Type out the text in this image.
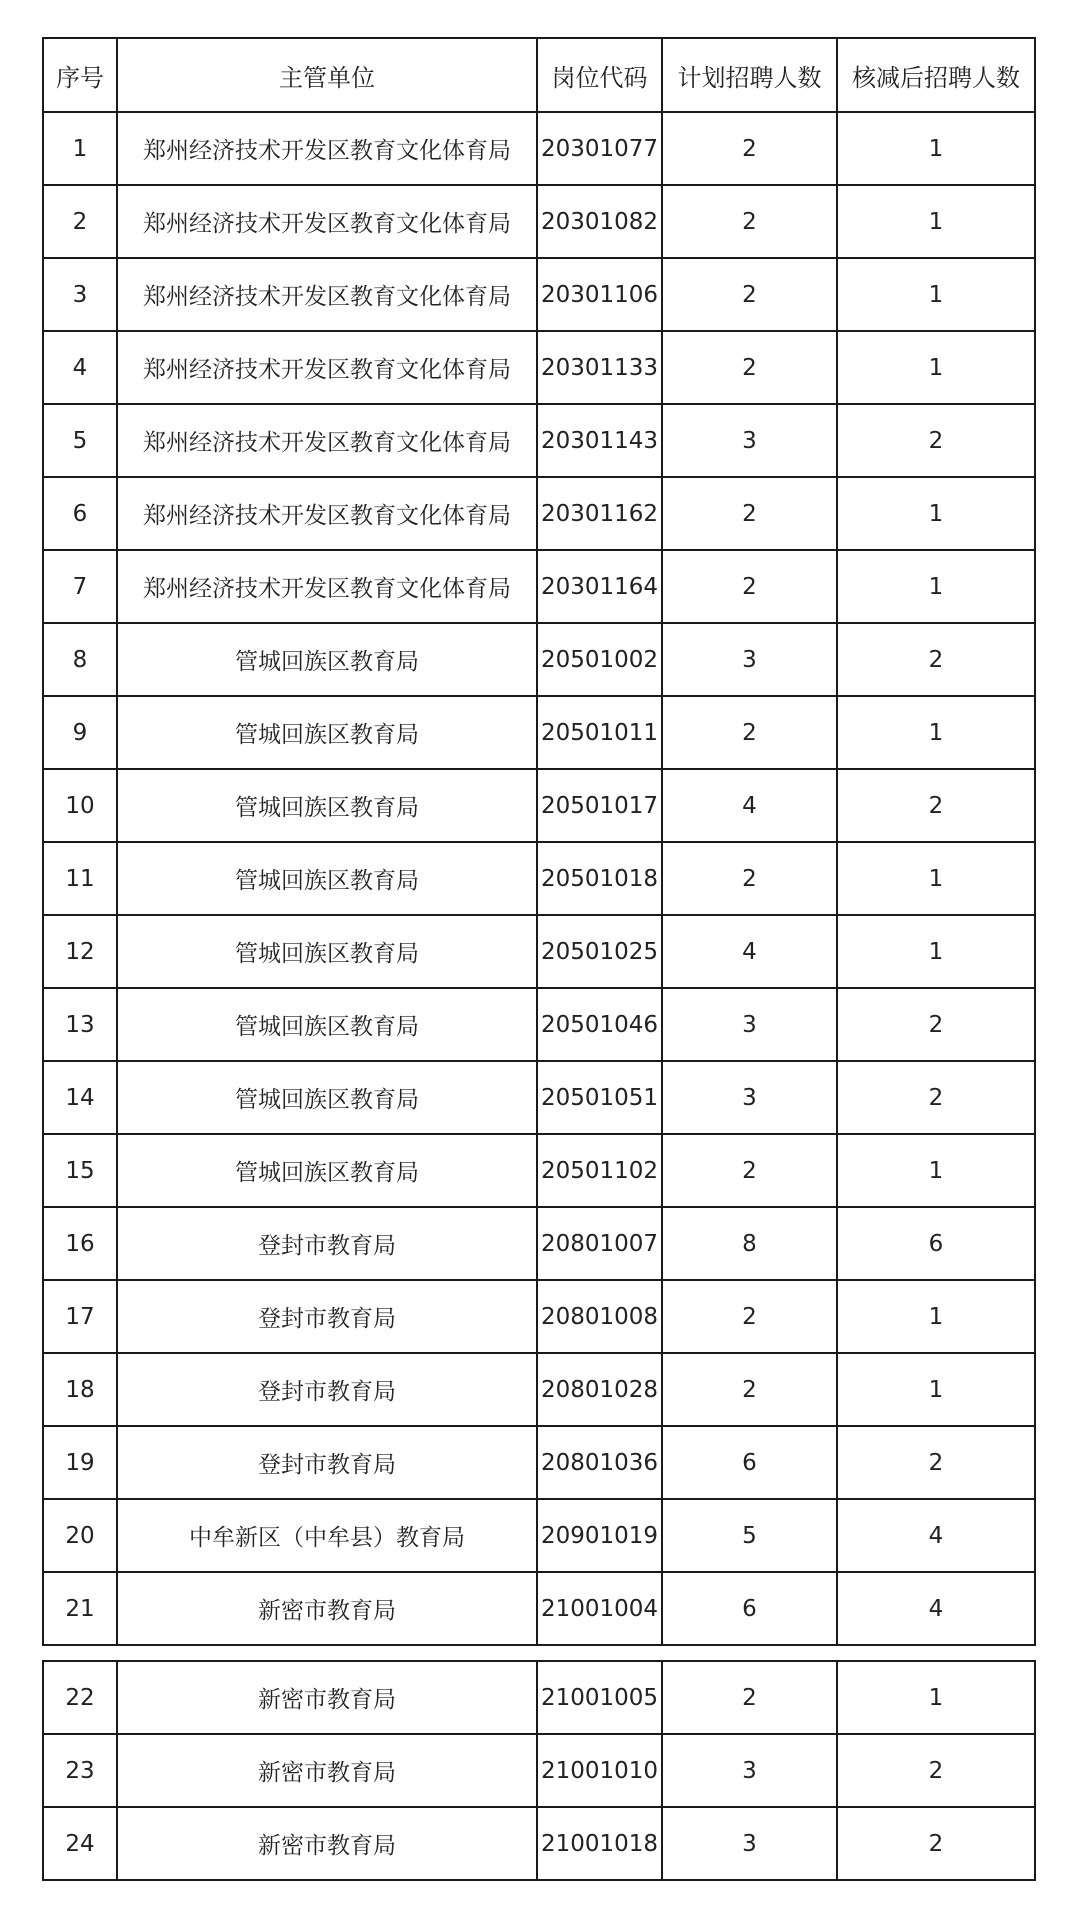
序号	主管单位	岗位代码	计划招聘人数	核减后招聘人数
1	郑州经济技术开发区教育文化体育局	20301077	2	1
2	郑州经济技术开发区教育文化体育局	20301082	2	1
3	郑州经济技术开发区教育文化体育局	20301106	2	1
4	郑州经济技术开发区教育文化体育局	20301133	2	1
5	郑州经济技术开发区教育文化体育局	20301143	3	2
6	郑州经济技术开发区教育文化体育局	20301162	2	1
7	郑州经济技术开发区教育文化体育局	20301164	2	1
8	管城回族区教育局	20501002	3	2
9	管城回族区教育局	20501011	2	1
10	管城回族区教育局	20501017	4	2
11	管城回族区教育局	20501018	2	1
12	管城回族区教育局	20501025	4	1
13	管城回族区教育局	20501046	3	2
14	管城回族区教育局	20501051	3	2
15	管城回族区教育局	20501102	2	1
16	登封市教育局	20801007	8	6
17	登封市教育局	20801008	2	1
18	登封市教育局	20801028	2	1
19	登封市教育局	20801036	6	2
20	中牟新区（中牟县）教育局	20901019	5	4
21	新密市教育局	21001004	6	4
22	新密市教育局	21001005	2	1
23	新密市教育局	21001010	3	2
24	新密市教育局	21001018	3	2
